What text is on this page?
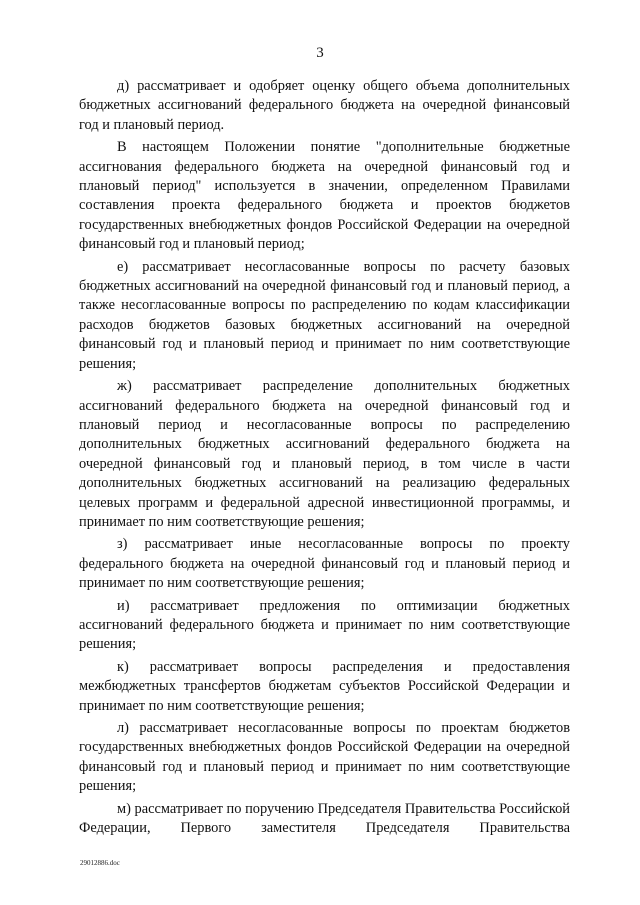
3

д) рассматривает и одобряет оценку общего объема дополнительных бюджетных ассигнований федерального бюджета на очередной финансовый год и плановый период.

В настоящем Положении понятие "дополнительные бюджетные ассигнования федерального бюджета на очередной финансовый год и плановый период" используется в значении, определенном Правилами составления проекта федерального бюджета и проектов бюджетов государственных внебюджетных фондов Российской Федерации на очередной финансовый год и плановый период;

е) рассматривает несогласованные вопросы по расчету базовых бюджетных ассигнований на очередной финансовый год и плановый период, а также несогласованные вопросы по распределению по кодам классификации расходов бюджетов базовых бюджетных ассигнований на очередной финансовый год и плановый период и принимает по ним соответствующие решения;

ж) рассматривает распределение дополнительных бюджетных ассигнований федерального бюджета на очередной финансовый год и плановый период и несогласованные вопросы по распределению дополнительных бюджетных ассигнований федерального бюджета на очередной финансовый год и плановый период, в том числе в части дополнительных бюджетных ассигнований на реализацию федеральных целевых программ и федеральной адресной инвестиционной программы, и принимает по ним соответствующие решения;

з) рассматривает иные несогласованные вопросы по проекту федерального бюджета на очередной финансовый год и плановый период и принимает по ним соответствующие решения;

и) рассматривает предложения по оптимизации бюджетных ассигнований федерального бюджета и принимает по ним соответствующие решения;

к) рассматривает вопросы распределения и предоставления межбюджетных трансфертов бюджетам субъектов Российской Федерации и принимает по ним соответствующие решения;

л) рассматривает несогласованные вопросы по проектам бюджетов государственных внебюджетных фондов Российской Федерации на очередной финансовый год и плановый период и принимает по ним соответствующие решения;

м) рассматривает по поручению Председателя Правительства Российской Федерации, Первого заместителя Председателя Правительства

29012886.doc
